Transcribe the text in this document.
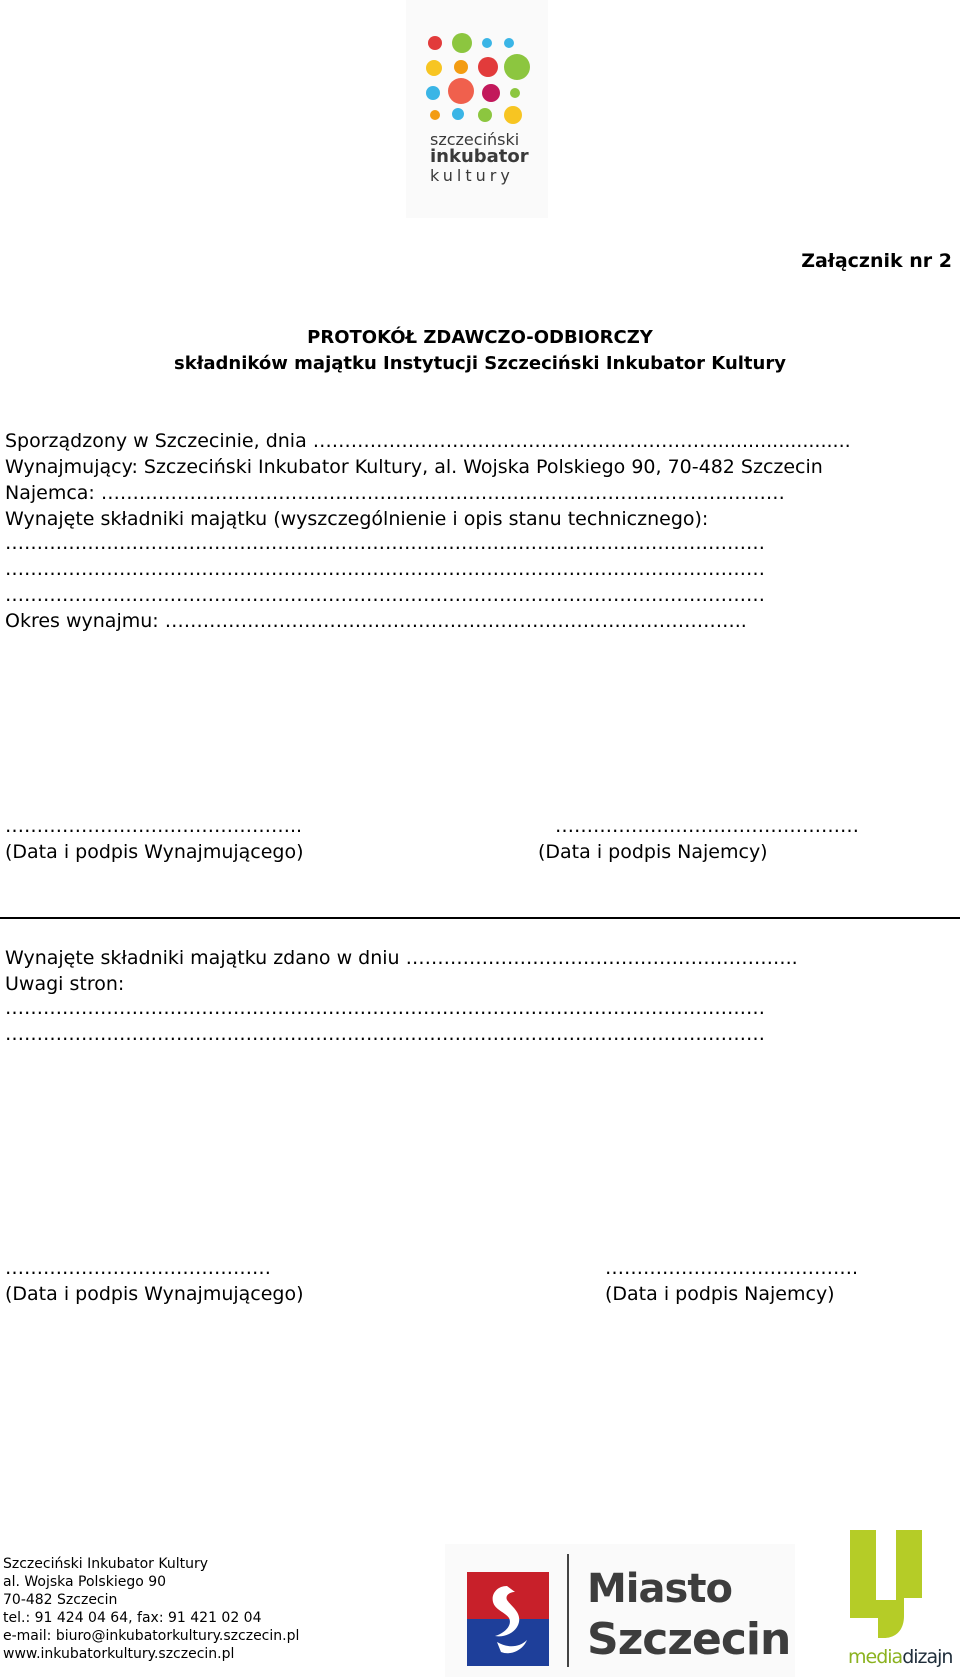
szczeciński
inkubator
kultury
Załącznik nr 2
PROTOKÓŁ ZDAWCZO-ODBIORCZY
składników majątku Instytucji Szczeciński Inkubator Kultury
Sporządzony w Szczecinie, dnia ……………………………………………………….......................
Wynajmujący: Szczeciński Inkubator Kultury, al. Wojska Polskiego 90, 70-482 Szczecin
Najemca: ………………………………………………………………………………………………
Wynajęte składniki majątku (wyszczególnienie i opis stanu technicznego):
…………………………………………………………………………………………………………
…………………………………………………………………………………………………………
…………………………………………………………………………………………………………
Okres wynajmu: ………………………………………………………………………………..
………………………………………..	…………………………………………
(Data i podpis Wynajmującego)	(Data i podpis Najemcy)
Wynajęte składniki majątku zdano w dniu ……………………………………………………..
Uwagi stron:
…………………………………………………………………………………………………………
…………………………………………………………………………………………………………
……………………………………	………………………………….
(Data i podpis Wynajmującego)	(Data i podpis Najemcy)
Szczeciński Inkubator Kultury
al. Wojska Polskiego 90
70-482 Szczecin
tel.: 91 424 04 64, fax: 91 421 02 04
e-mail: biuro@inkubatorkultury.szczecin.pl
www.inkubatorkultury.szczecin.pl
Miasto
Szczecin	mediadizajn
